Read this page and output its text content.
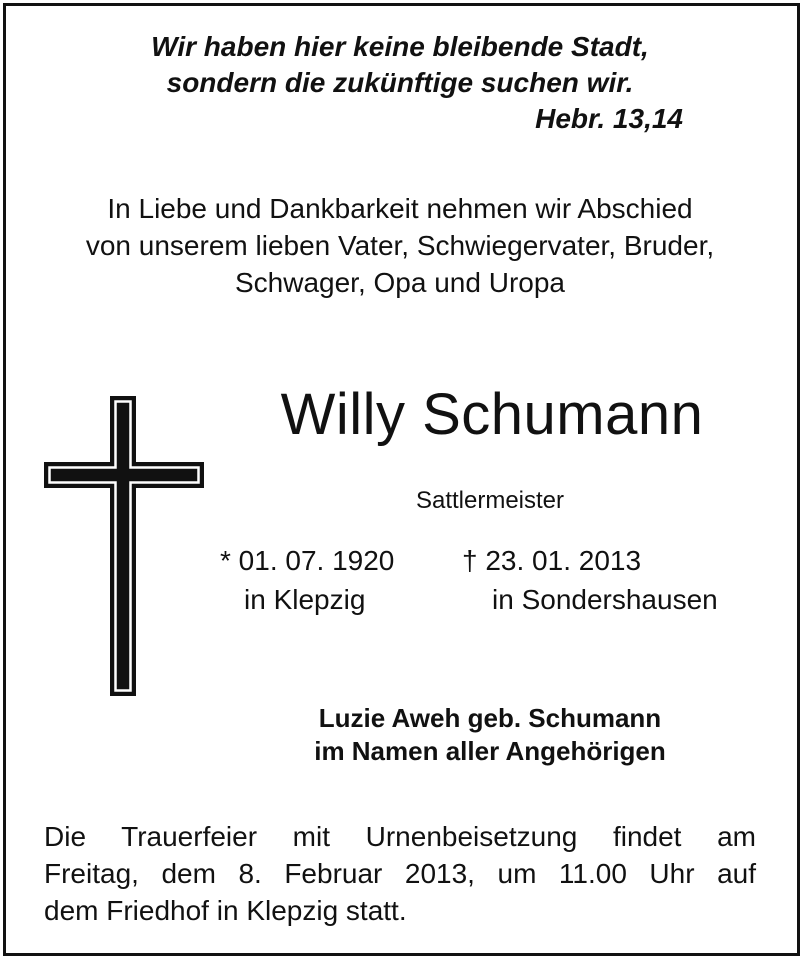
Wir haben hier keine bleibende Stadt,
sondern die zukünftige suchen wir.
Hebr. 13,14
In Liebe und Dankbarkeit nehmen wir Abschied
von unserem lieben Vater, Schwiegervater, Bruder,
Schwager, Opa und Uropa
Willy Schumann
Sattlermeister
* 01. 07. 1920
in Klepzig
† 23. 01. 2013
in Sondershausen
Luzie Aweh geb. Schumann
im Namen aller Angehörigen
Die Trauerfeier mit Urnenbeisetzung findet am
Freitag, dem 8. Februar 2013, um 11.00 Uhr auf
dem Friedhof in Klepzig statt.
